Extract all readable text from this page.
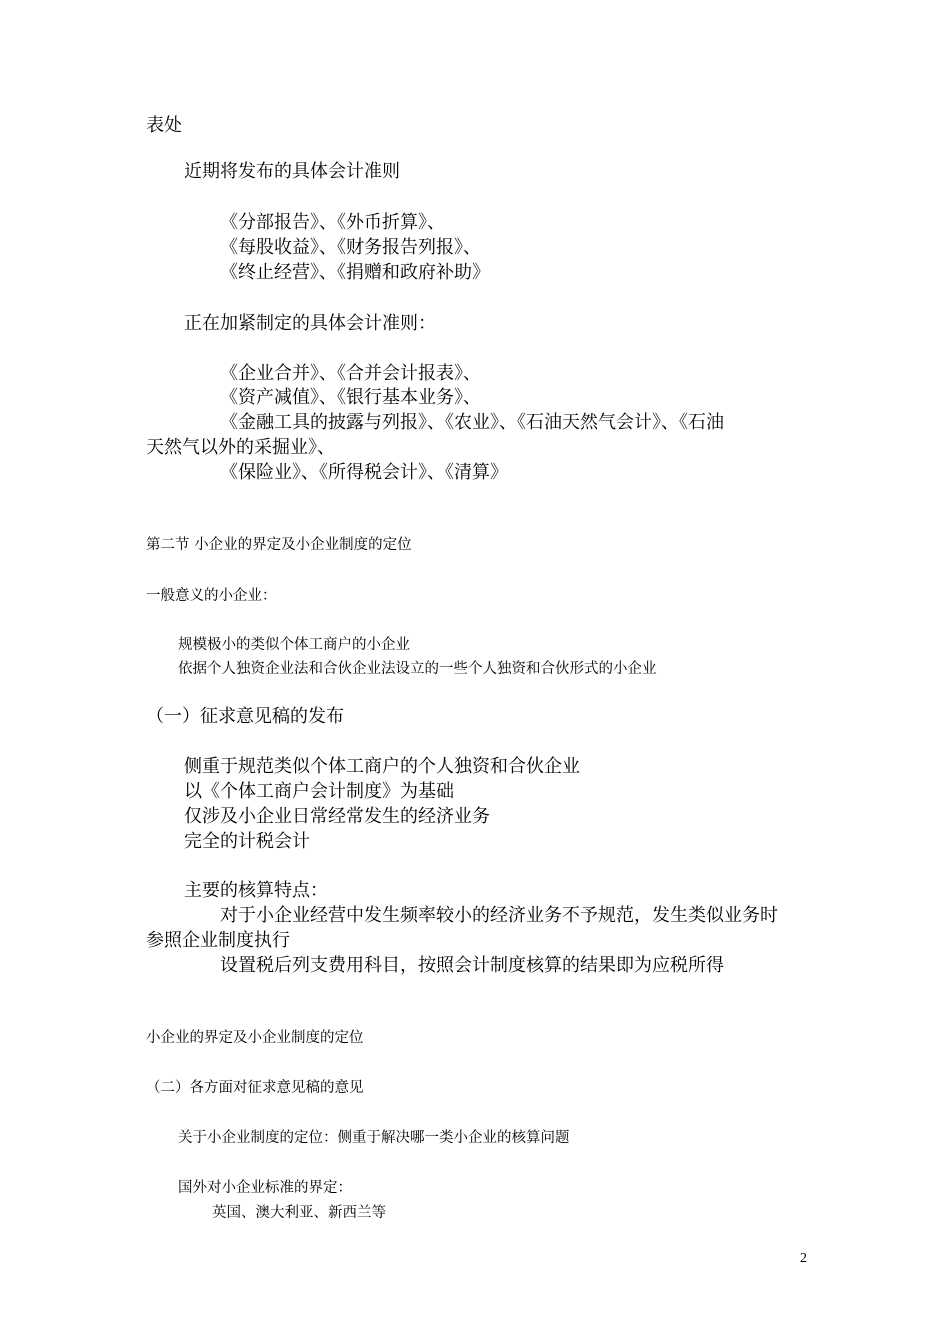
表处
近期将发布的具体会计准则
《分部报告》、《外币折算》、
《每股收益》、《财务报告列报》、
《终止经营》、《捐赠和政府补助》
正在加紧制定的具体会计准则：
《企业合并》、《合并会计报表》、
《资产减值》、《银行基本业务》、
《金融工具的披露与列报》、《农业》、《石油天然气会计》、《石油
天然气以外的采掘业》、
《保险业》、《所得税会计》、《清算》
第二节 小企业的界定及小企业制度的定位
一般意义的小企业：
规模极小的类似个体工商户的小企业
依据个人独资企业法和合伙企业法设立的一些个人独资和合伙形式的小企业
（一）征求意见稿的发布
侧重于规范类似个体工商户的个人独资和合伙企业
以《个体工商户会计制度》为基础
仅涉及小企业日常经常发生的经济业务
完全的计税会计
主要的核算特点：
对于小企业经营中发生频率较小的经济业务不予规范，发生类似业务时
参照企业制度执行
设置税后列支费用科目，按照会计制度核算的结果即为应税所得
小企业的界定及小企业制度的定位
（二）各方面对征求意见稿的意见
关于小企业制度的定位：侧重于解决哪一类小企业的核算问题
国外对小企业标准的界定：
英国、澳大利亚、新西兰等
2
